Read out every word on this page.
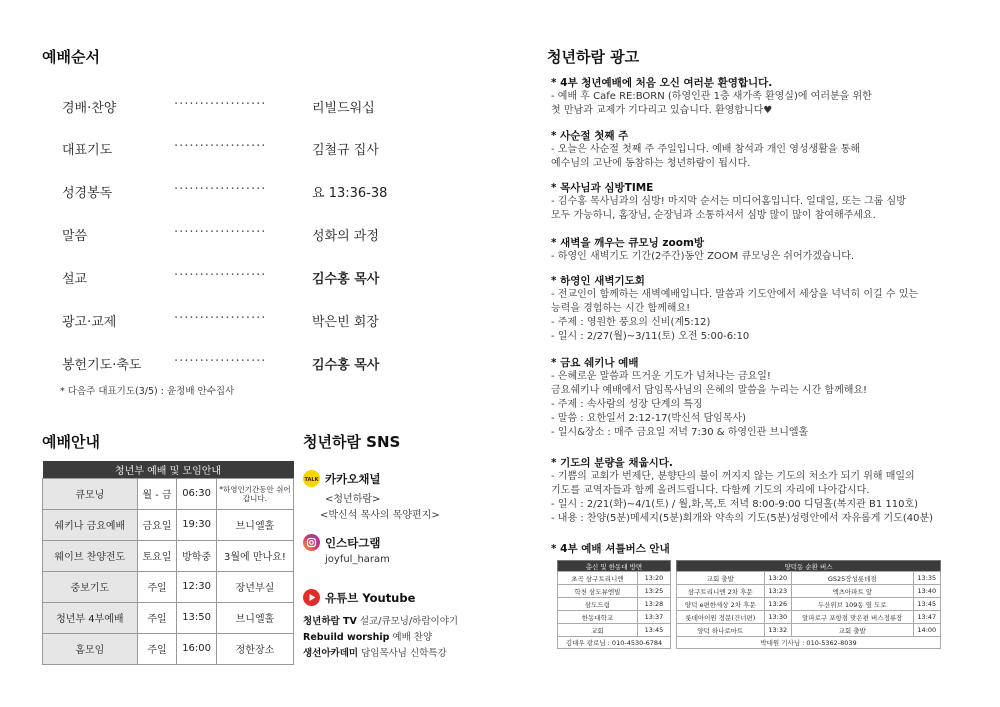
예배순서
경배·찬양	··················	리빌드워십
대표기도	··················	김철규 집사
성경봉독	··················	요 13:36-38
말씀	··················	성화의 과정
설교	··················	김수홍 목사
광고·교제	··················	박은빈 회장
봉헌기도·축도	··················	김수홍 목사
* 다음주 대표기도(3/5) : 윤정배 안수집사
예배안내
청년부 예배 및 모임안내			
큐모닝	월 - 금	06:30	*하영인기간동안 쉬어갑니다.
쉐키나 금요예배	금요일	19:30	브니엘홀
웨이브 찬양전도	토요일	방학중	3월에 만나요!
중보기도	주일	12:30	장년부실
청년부 4부예배	주일	13:50	브니엘홀
홈모임	주일	16:00	정한장소
청년하람 SNS
TALK 카카오채널
<청년하람>
<박신석 목사의 목양편지>
인스타그램
joyful_haram
유튜브 Youtube
청년하람 TV 설교/큐모닝/하람이야기
Rebuild worship 예배 찬양
생선아카데미 담임목사님 신학특강
청년하람 광고
* 4부 청년예배에 처음 오신 여러분 환영합니다.
- 예배 후 Cafe RE:BORN (하영인관 1층 새가족 환영실)에 여러분을 위한
첫 만남과 교제가 기다리고 있습니다. 환영합니다♥
* 사순절 첫째 주
- 오늘은 사순절 첫째 주 주일입니다. 예배 참석과 개인 영성생활을 통해
예수님의 고난에 동참하는 청년하람이 됩시다.
* 목사님과 심방TIME
- 김수홍 목사님과의 심방! 마지막 순서는 미디어홈입니다. 일대일, 또는 그룹 심방
모두 가능하니, 홈장님, 순장님과 소통하셔서 심방 많이 많이 참여해주세요.
* 새벽을 깨우는 큐모닝 zoom방
- 하영인 새벽기도 기간(2주간)동안 ZOOM 큐모닝은 쉬어가겠습니다.
* 하영인 새벽기도회
- 전교인이 함께하는 새벽예배입니다. 말씀과 기도안에서 세상을 넉넉히 이길 수 있는
능력을 경험하는 시간 함께해요!
- 주제 : 영원한 풍요의 신비(계5:12)
- 일시 : 2/27(월)~3/11(토) 오전 5:00-6:10
* 금요 쉐키나 예배
- 은혜로운 말씀과 뜨거운 기도가 넘쳐나는 금요일!
금요쉐키나 예배에서 담임목사님의 은혜의 말씀을 누리는 시간 함께해요!
- 주제 : 속사람의 성장 단계의 특징
- 말씀 : 요한일서 2:12-17(박신석 담임목사)
- 일시&장소 : 매주 금요일 저녁 7:30 & 하영인관 브니엘홀
* 기도의 분량을 채웁시다.
- 기쁨의 교회가 번제단, 분향단의 불이 꺼지지 않는 기도의 처소가 되기 위해 매일의
기도를 교역자들과 함께 올려드립니다. 다함께 기도의 자리에 나아갑시다.
- 일시 : 2/21(화)~4/1(토) / 월,화,목,토 저녁 8:00-9:00 디딤홀(복지관 B1 110호)
- 내용 : 찬양(5분)메세지(5분)회개와 약속의 기도(5분)성령안에서 자유롭게 기도(40분)
* 4부 예배 셔틀버스 안내
총신 및 한동대 방면	
초곡 삼구트리니엔	13:20
학천 삼도뷰엔빌	13:25
삼도드림	13:28
한동대학교	13:37
교회	13:45
김대우 광로님 : 010-4530-6784	
양덕동 순환 버스			
교회 출발	13:20	GS25장성롯데점	13:35
삼구트리니엔 2차 후문	13:23	엑츠아파트 앞	13:40
양덕 e편한세상 2차 후문	13:26	두산위브 109동 옆 도로	13:45
롯데아이원 정문(건너편)	13:30	알파로구 포항점 맞은편 버스정류장	13:47
양덕 하나로마트	13:32	교회 출발	14:00
박대원 기사님 : 010-5362-8039			
